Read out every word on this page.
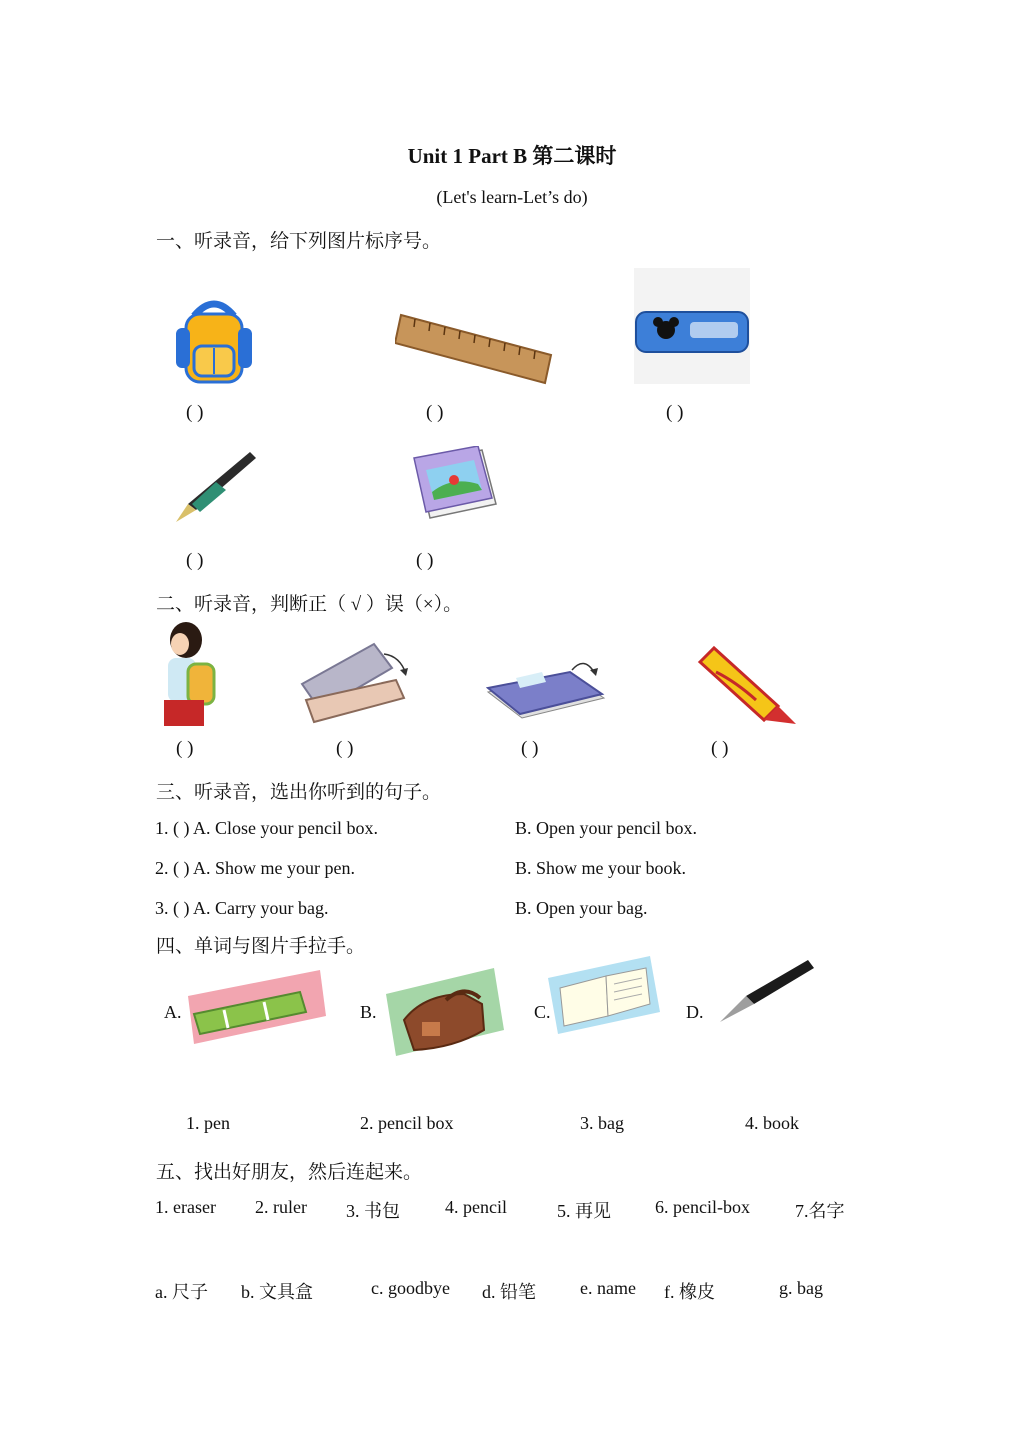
Unit 1 Part B 第二课时
(Let's learn-Let’s do)
一、听录音，给下列图片标序号。
( )	( )	( )
( )	( )
二、听录音，判断正（ √ ）误（×）。
( )	( )	( )	( )
三、听录音，选出你听到的句子。
1. ( ) A. Close your pencil box.	B. Open your pencil box.
2. ( ) A. Show me your pen.	B. Show me your book.
3. ( ) A. Carry your bag.	B. Open your bag.
四、单词与图片手拉手。
A.	B.	C.	D.
1. pen	2. pencil box	3. bag	4. book
五、找出好朋友，然后连起来。
1. eraser 2. ruler 3. 书包	4. pencil	5. 再见 6. pencil-box	7.名字
a. 尺子 b. 文具盒	c. goodbye d. 铅笔 e. name f. 橡皮	g. bag
